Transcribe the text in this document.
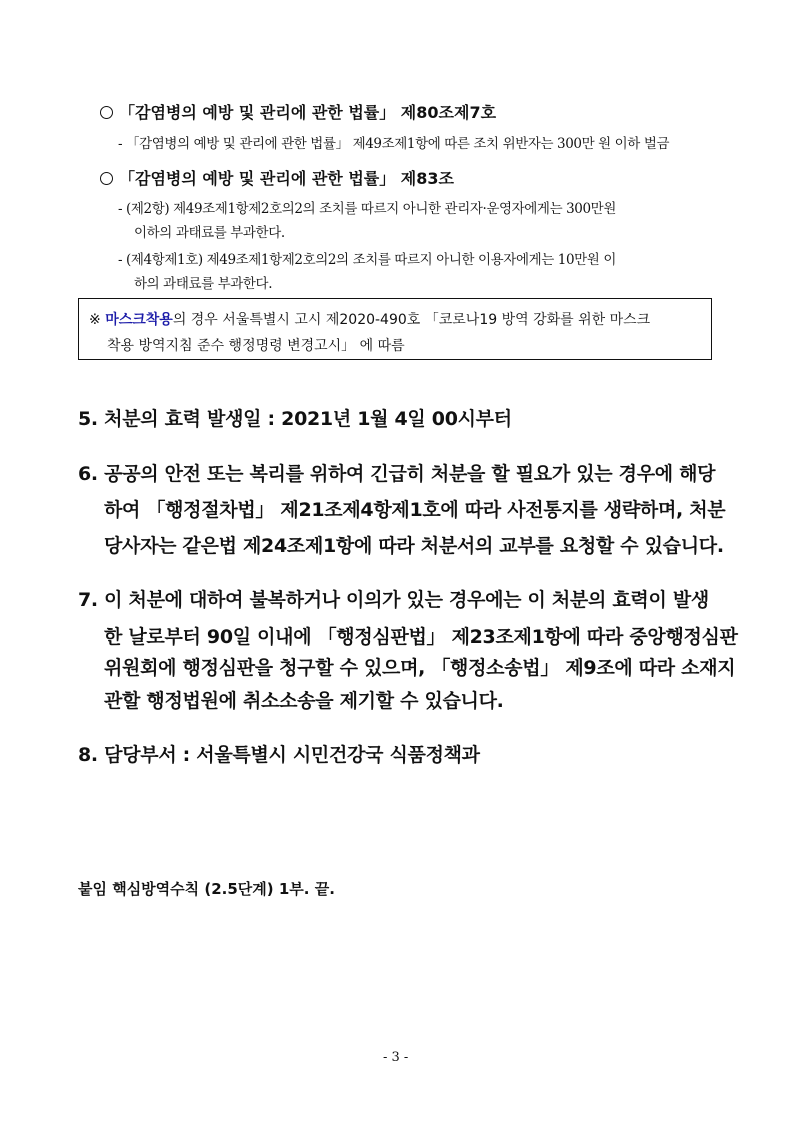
「감염병의 예방 및 관리에 관한 법률」 제80조제7호
- 「감염병의 예방 및 관리에 관한 법률」 제49조제1항에 따른 조치 위반자는 300만 원 이하 벌금
「감염병의 예방 및 관리에 관한 법률」 제83조
- (제2항) 제49조제1항제2호의2의 조치를 따르지 아니한 관리자·운영자에게는 300만원
이하의 과태료를 부과한다.
- (제4항제1호) 제49조제1항제2호의2의 조치를 따르지 아니한 이용자에게는 10만원 이
하의 과태료를 부과한다.
※ 마스크착용의 경우 서울특별시 고시 제2020-490호 「코로나19 방역 강화를 위한 마스크
착용 방역지침 준수 행정명령 변경고시」 에 따름
5. 처분의 효력 발생일 : 2021년 1월 4일 00시부터
6. 공공의 안전 또는 복리를 위하여 긴급히 처분을 할 필요가 있는 경우에 해당
하여 「행정절차법」 제21조제4항제1호에 따라 사전통지를 생략하며, 처분
당사자는 같은법 제24조제1항에 따라 처분서의 교부를 요청할 수 있습니다.
7. 이 처분에 대하여 불복하거나 이의가 있는 경우에는 이 처분의 효력이 발생
한 날로부터 90일 이내에 「행정심판법」 제23조제1항에 따라 중앙행정심판
위원회에 행정심판을 청구할 수 있으며, 「행정소송법」 제9조에 따라 소재지
관할 행정법원에 취소소송을 제기할 수 있습니다.
8. 담당부서 : 서울특별시 시민건강국 식품정책과
붙임 핵심방역수칙 (2.5단계) 1부. 끝.
- 3 -
